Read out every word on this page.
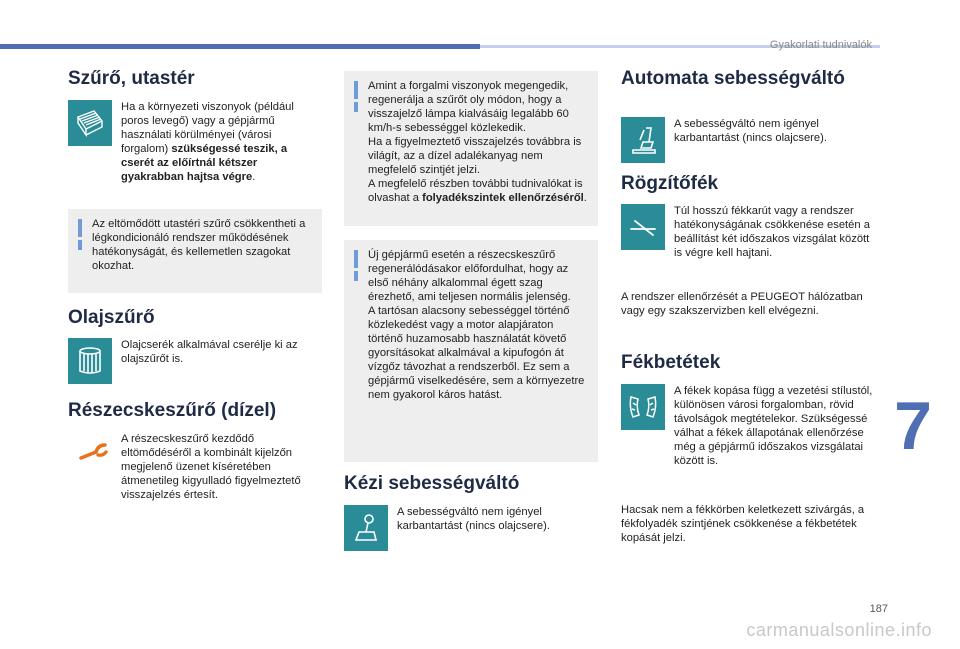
Gyakorlati tudnivalók
7
187
carmanualsonline.info
Szűrő, utastér
Ha a környezeti viszonyok (például poros levegő) vagy a gépjármű használati körülményei (városi forgalom) szükségessé teszik, a cserét az előírtnál kétszer gyakrabban hajtsa végre.
Az eltömődött utastéri szűrő csökkentheti a légkondicionáló rendszer működésének hatékonyságát, és kellemetlen szagokat okozhat.
Olajszűrő
Olajcserék alkalmával cserélje ki az olajszűrőt is.
Részecskeszűrő (dízel)
A részecskeszűrő kezdődő eltömődéséről a kombinált kijelzőn megjelenő üzenet kíséretében átmenetileg kigyulladó figyelmeztető visszajelzés értesít.
Amint a forgalmi viszonyok megengedik, regenerálja a szűrőt oly módon, hogy a visszajelző lámpa kialvásáig legalább 60 km/h-s sebességgel közlekedik.
Ha a figyelmeztető visszajelzés továbbra is világít, az a dízel adalékanyag nem megfelelő szintjét jelzi.
A megfelelő részben további tudnivalókat is olvashat a folyadékszintek ellenőrzéséről.
Új gépjármű esetén a részecskeszűrő regenerálódásakor előfordulhat, hogy az első néhány alkalommal égett szag érezhető, ami teljesen normális jelenség.
A tartósan alacsony sebességgel történő közlekedést vagy a motor alapjáraton történő huzamosabb használatát követő gyorsításokat alkalmával a kipufogón át vízgőz távozhat a rendszerből. Ez sem a gépjármű viselkedésére, sem a környezetre nem gyakorol káros hatást.
Kézi sebességváltó
A sebességváltó nem igényel karbantartást (nincs olajcsere).
Automata sebességváltó
A sebességváltó nem igényel karbantartást (nincs olajcsere).
Rögzítőfék
Túl hosszú fékkarút vagy a rendszer hatékonyságának csökkenése esetén a beállítást két időszakos vizsgálat között is végre kell hajtani.
A rendszer ellenőrzését a PEUGEOT hálózatban vagy egy szakszervizben kell elvégezni.
Fékbetétek
A fékek kopása függ a vezetési stílustól, különösen városi forgalomban, rövid távolságok megtételekor. Szükségessé válhat a fékek állapotának ellenőrzése még a gépjármű időszakos vizsgálatai között is.
Hacsak nem a fékkörben keletkezett szivárgás, a fékfolyadék szintjének csökkenése a fékbetétek kopását jelzi.
